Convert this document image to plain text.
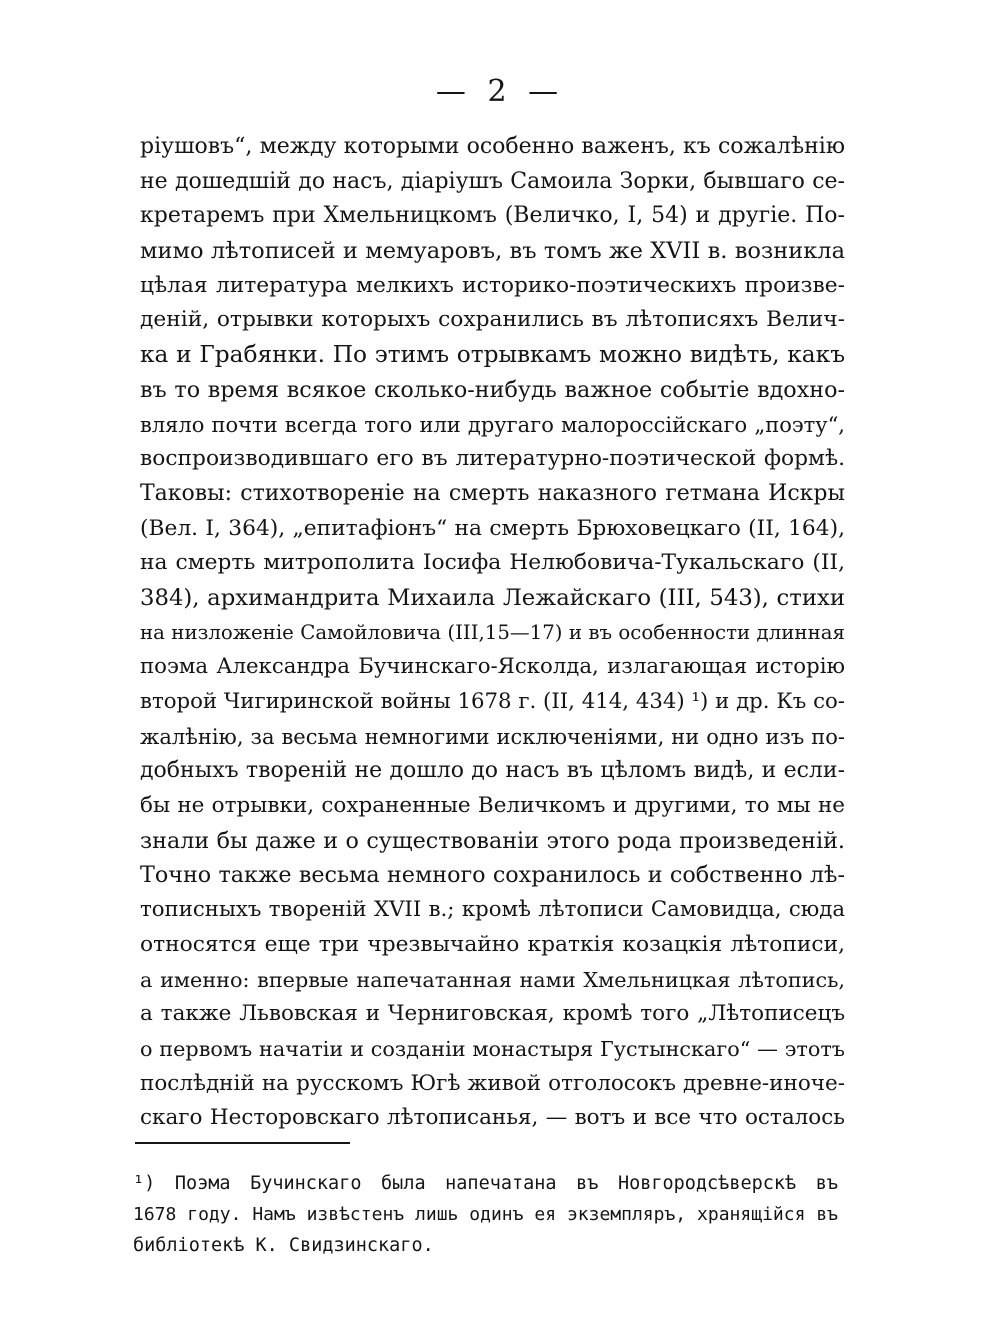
— 2 —
ріушовъ“, между которыми особенно важенъ, къ сожалѣнію
не дошедшій до насъ, діаріушъ Самоила Зорки, бывшаго се-
кретаремъ при Хмельницкомъ (Величко, I, 54) и другіе. По-
мимо лѣтописей и мемуаровъ, въ томъ же XVII в. возникла
цѣлая литература мелкихъ историко-поэтическихъ произве-
деній, отрывки которыхъ сохранились въ лѣтописяхъ Велич-
ка и Грабянки. По этимъ отрывкамъ можно видѣть, какъ
въ то время всякое сколько-нибудь важное событіе вдохно-
вляло почти всегда того или другаго малороссійскаго „поэту“,
воспроизводившаго его въ литературно-поэтической формѣ.
Таковы: стихотвореніе на смерть наказного гетмана Искры
(Вел. I, 364), „епитафіонъ“ на смерть Брюховецкаго (II, 164),
на смерть митрополита Іосифа Нелюбовича-Тукальскаго (II,
384), архимандрита Михаила Лежайскаго (III, 543), стихи
на низложеніе Самойловича (III,15—17) и въ особенности длинная
поэма Александра Бучинскаго-Ясколда, излагающая исторію
второй Чигиринской войны 1678 г. (II, 414, 434) ¹) и др. Къ со-
жалѣнію, за весьма немногими исключеніями, ни одно изъ по-
добныхъ твореній не дошло до насъ въ цѣломъ видѣ, и если-
бы не отрывки, сохраненные Величкомъ и другими, то мы не
знали бы даже и о существованіи этого рода произведеній.
Точно также весьма немного сохранилось и собственно лѣ-
тописныхъ твореній XVII в.; кромѣ лѣтописи Самовидца, сюда
относятся еще три чрезвычайно краткія козацкія лѣтописи,
а именно: впервые напечатанная нами Хмельницкая лѣтопись,
а также Львовская и Черниговская, кромѣ того „Лѣтописецъ
о первомъ начатіи и созданіи монастыря Густынскаго“ — этотъ
послѣдній на русскомъ Югѣ живой отголосокъ древне-иноче-
скаго Несторовскаго лѣтописанья, — вотъ и все что осталось
¹) Поэма Бучинскаго была напечатана въ Новгородсѣверскѣ въ
1678 году. Намъ извѣстенъ лишь одинъ ея экземпляръ, хранящійся въ
библіотекѣ К. Свидзинскаго.
